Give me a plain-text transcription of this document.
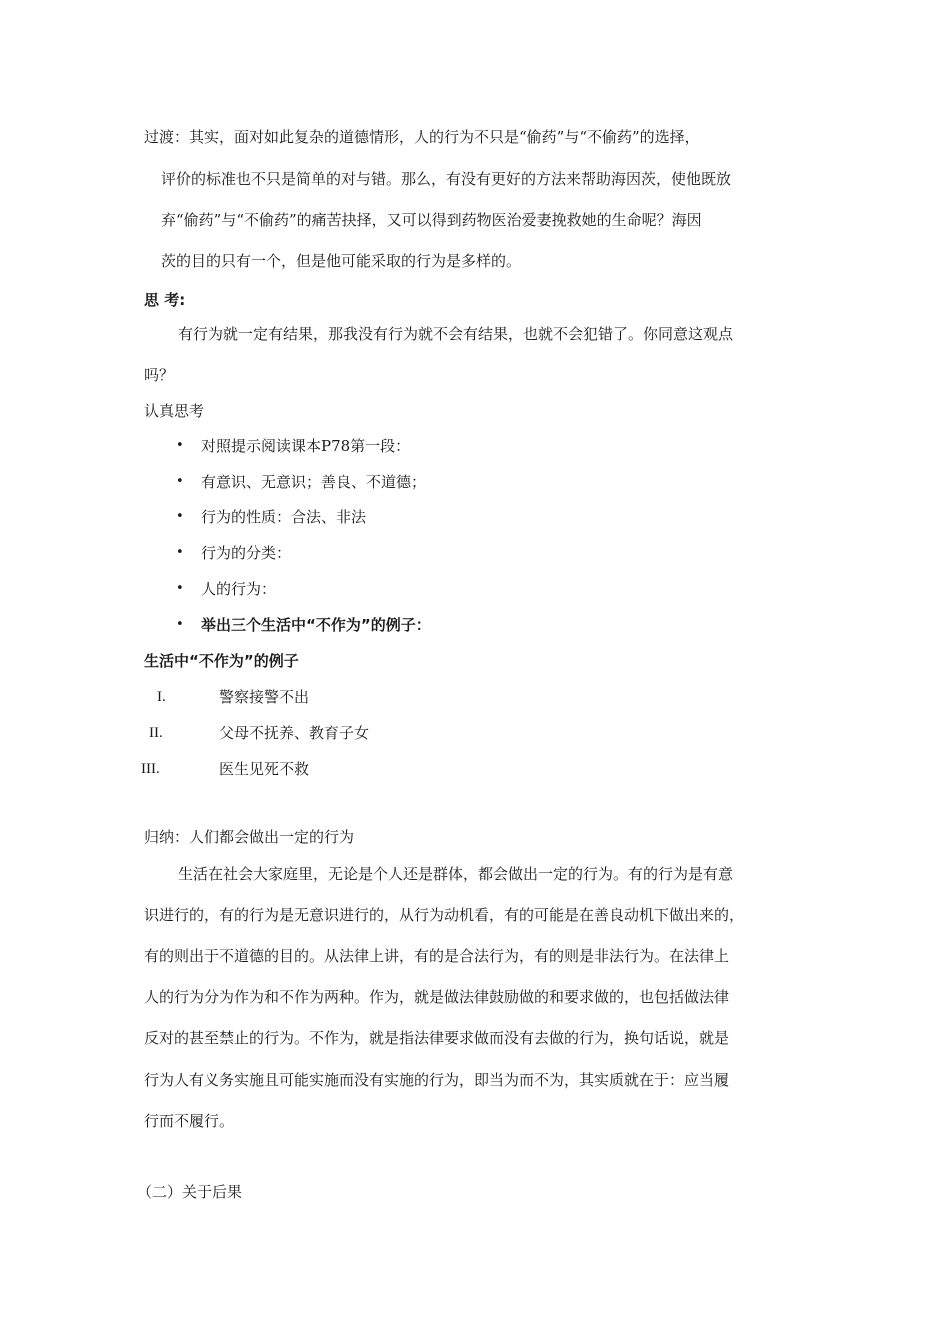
过渡：其实，面对如此复杂的道德情形，人的行为不只是“偷药”与“不偷药”的选择，
评价的标准也不只是简单的对与错。那么，有没有更好的方法来帮助海因茨，使他既放
弃“偷药”与“不偷药”的痛苦抉择，又可以得到药物医治爱妻挽救她的生命呢？海因
茨的目的只有一个，但是他可能采取的行为是多样的。
思 考:
有行为就一定有结果，那我没有行为就不会有结果，也就不会犯错了。你同意这观点
吗？
认真思考
• 对照提示阅读课本P78第一段：
• 有意识、无意识；善良、不道德；
• 行为的性质：合法、非法
• 行为的分类：
• 人的行为：
• 举出三个生活中“不作为”的例子：
生活中“不作为”的例子
I.	警察接警不出
II.	父母不抚养、教育子女
III.	医生见死不救
归纳：人们都会做出一定的行为
生活在社会大家庭里，无论是个人还是群体，都会做出一定的行为。有的行为是有意
识进行的，有的行为是无意识进行的，从行为动机看，有的可能是在善良动机下做出来的，
有的则出于不道德的目的。从法律上讲，有的是合法行为，有的则是非法行为。在法律上
人的行为分为作为和不作为两种。作为，就是做法律鼓励做的和要求做的，也包括做法律
反对的甚至禁止的行为。不作为，就是指法律要求做而没有去做的行为，换句话说，就是
行为人有义务实施且可能实施而没有实施的行为，即当为而不为，其实质就在于：应当履
行而不履行。
（二）关于后果
